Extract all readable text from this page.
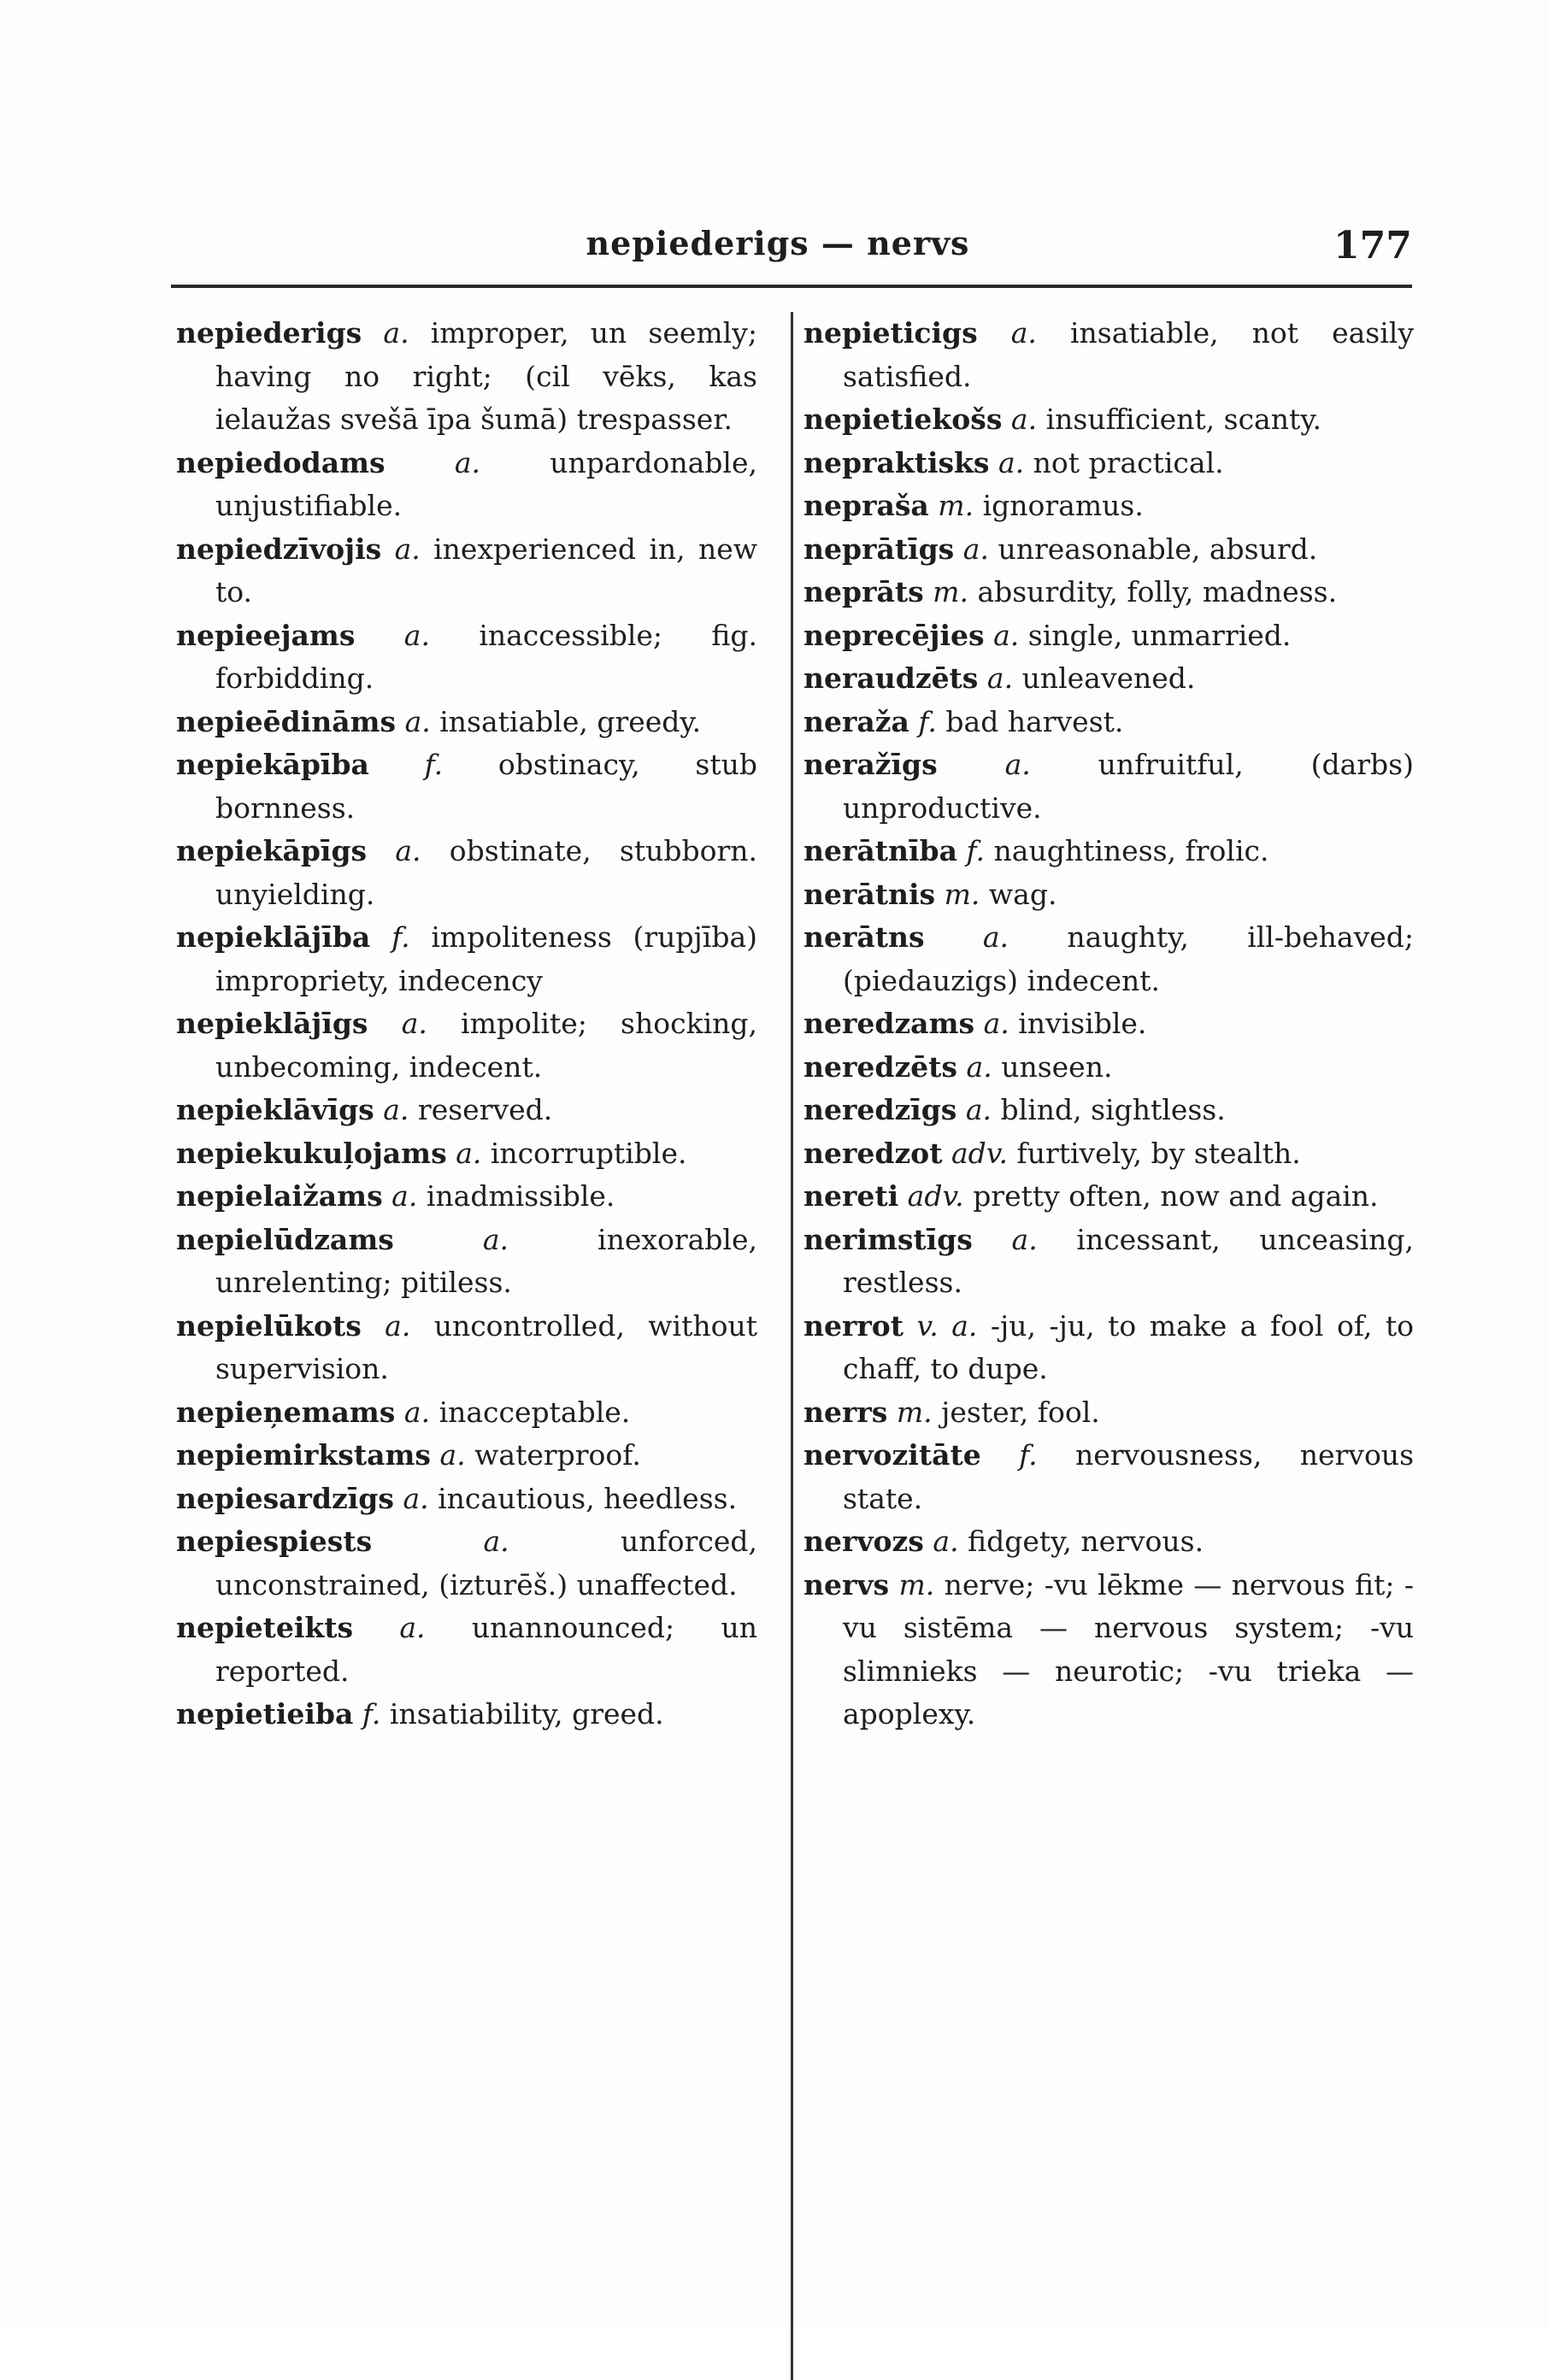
nepiederigs — nervs	177

nepiederigs a. improper, un seemly; having no right; (cil vēks, kas ielaužas svešā īpa šumā) trespasser.

nepiedodams a. unpardonable, unjustifiable.

nepiedzīvojis a. inexperienced in, new to.

nepieejams a. inaccessible; fig. forbidding.

nepieēdināms a. insatiable, greedy.

nepiekāpība f. obstinacy, stub bornness.

nepiekāpīgs a. obstinate, stubborn. unyielding.

nepieklājība f. impoliteness (rupjība) impropriety, indecency

nepieklājīgs a. impolite; shocking, unbecoming, indecent.

nepieklāvīgs a. reserved.

nepiekukuļojams a. incorruptible.

nepielaižams a. inadmissible.

nepielūdzams	a.	inexorable, unrelenting; pitiless.

nepielūkots a. uncontrolled, without supervision.

nepieņemams a. inacceptable.

nepiemirkstams a. waterproof.

nepiesardzīgs a. incautious, heedless.

nepiespiests	a.	unforced, unconstrained, (izturēš.) unaffected.

nepieteikts a. unannounced; un reported.

nepietieiba f. insatiability, greed.

nepieticigs a. insatiable, not easily satisfied.

nepietiekošs a. insufficient, scanty.

nepraktisks a. not practical.

neprašа m. ignoramus.

neprātīgs a. unreasonable, absurd.

neprāts m. absurdity, folly, madness.

neprecējies a. single, unmarried.

neraudzēts a. unleavened.

neraža f. bad harvest.

nerаžīgs a. unfruitful, (darbs) unproductive.

nerātnība f. naughtiness, frolic.

nerātnis m. wag.

nerātns a. naughty, ill-behaved; (piedauzigs) indecent.

neredzams a. invisible.

neredzēts a. unseen.

neredzīgs a. blind, sightless.

neredzot adv. furtively, by stealth.

nereti adv. pretty often, now and again.

nerimstīgs a. incessant, unceasing, restless.

nerrot v. a. -ju, -ju, to make a fool of, to chaff, to dupe.

nerrs m. jester, fool.

nervozitāte f. nervousness, nervous state.

nervozs a. fidgety, nervous.

nervs m. nerve; -vu lēkme — nervous fit; -vu sistēma — nervous system; -vu slimnieks — neurotic; -vu trieka — apoplexy.
